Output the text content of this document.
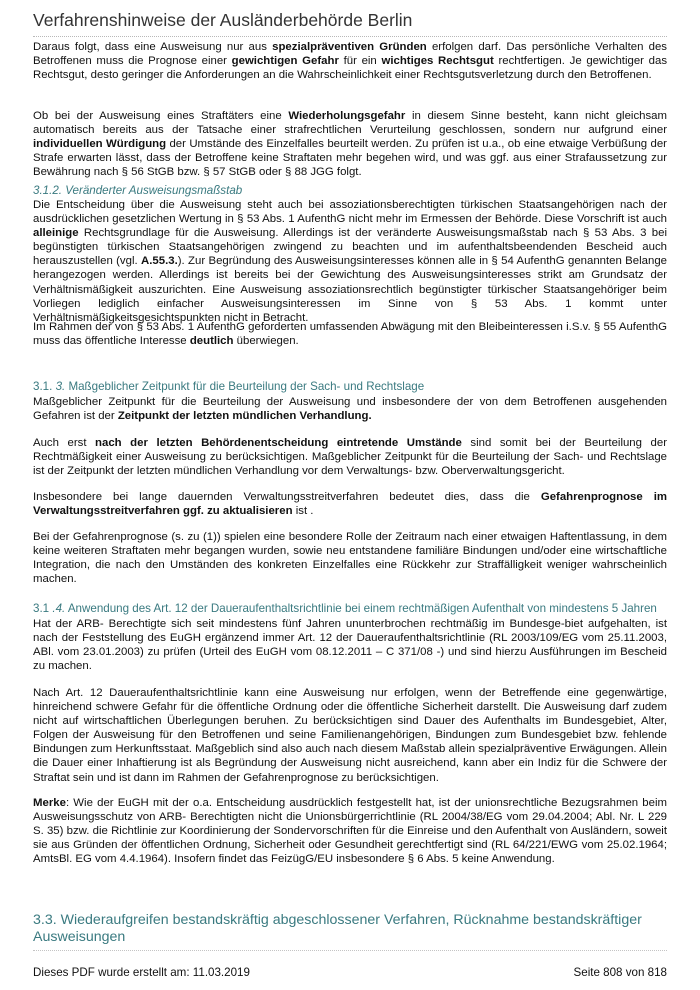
Verfahrenshinweise der Ausländerbehörde Berlin
Daraus folgt, dass eine Ausweisung nur aus spezialpräventiven Gründen erfolgen darf. Das persönliche Verhalten des Betroffenen muss die Prognose einer gewichtigen Gefahr für ein wichtiges Rechtsgut rechtfertigen. Je gewichtiger das Rechtsgut, desto geringer die Anforderungen an die Wahrscheinlichkeit einer Rechtsgutsverletzung durch den Betroffenen.
Ob bei der Ausweisung eines Straftäters eine Wiederholungsgefahr in diesem Sinne besteht, kann nicht gleichsam automatisch bereits aus der Tatsache einer strafrechtlichen Verurteilung geschlossen, sondern nur aufgrund einer individuellen Würdigung der Umstände des Einzelfalles beurteilt werden. Zu prüfen ist u.a., ob eine etwaige Verbüßung der Strafe erwarten lässt, dass der Betroffene keine Straftaten mehr begehen wird, und was ggf. aus einer Strafaussetzung zur Bewährung nach § 56 StGB bzw. § 57 StGB oder § 88 JGG folgt.
3.1.2. Veränderter Ausweisungsmaßstab
Die Entscheidung über die Ausweisung steht auch bei assoziationsberechtigten türkischen Staatsangehörigen nach der ausdrücklichen gesetzlichen Wertung in § 53 Abs. 1 AufenthG nicht mehr im Ermessen der Behörde. Diese Vorschrift ist auch alleinige Rechtsgrundlage für die Ausweisung. Allerdings ist der veränderte Ausweisungsmaßstab nach § 53 Abs. 3 bei begünstigten türkischen Staatsangehörigen zwingend zu beachten und im aufenthaltsbeendenden Bescheid auch herauszustellen (vgl. A.55.3.). Zur Begründung des Ausweisungsinteresses können alle in § 54 AufenthG genannten Belange herangezogen werden. Allerdings ist bereits bei der Gewichtung des Ausweisungsinteresses strikt am Grundsatz der Verhältnismäßigkeit auszurichten. Eine Ausweisung assoziationsrechtlich begünstigter türkischer Staatsangehöriger beim Vorliegen lediglich einfacher Ausweisungsinteressen im Sinne von § 53 Abs. 1 kommt unter Verhältnismäßigkeitsgesichtspunkten nicht in Betracht.
Im Rahmen der von § 53 Abs. 1 AufenthG geforderten umfassenden Abwägung mit den Bleibeinteressen i.S.v. § 55 AufenthG muss das öffentliche Interesse deutlich überwiegen.
3.1. 3. Maßgeblicher Zeitpunkt für die Beurteilung der Sach- und Rechtslage
Maßgeblicher Zeitpunkt für die Beurteilung der Ausweisung und insbesondere der von dem Betroffenen ausgehenden Gefahren ist der Zeitpunkt der letzten mündlichen Verhandlung.
Auch erst nach der letzten Behördenentscheidung eintretende Umstände sind somit bei der Beurteilung der Rechtmäßigkeit einer Ausweisung zu berücksichtigen. Maßgeblicher Zeitpunkt für die Beurteilung der Sach- und Rechtslage ist der Zeitpunkt der letzten mündlichen Verhandlung vor dem Verwaltungs- bzw. Oberverwaltungsgericht.
Insbesondere bei lange dauernden Verwaltungsstreitverfahren bedeutet dies, dass die Gefahrenprognose im Verwaltungsstreitverfahren ggf. zu aktualisieren ist .
Bei der Gefahrenprognose (s. zu (1)) spielen eine besondere Rolle der Zeitraum nach einer etwaigen Haftentlassung, in dem keine weiteren Straftaten mehr begangen wurden, sowie neu entstandene familiäre Bindungen und/oder eine wirtschaftliche Integration, die nach den Umständen des konkreten Einzelfalles eine Rückkehr zur Straffälligkeit weniger wahrscheinlich machen.
3.1 .4. Anwendung des Art. 12 der Daueraufenthaltsrichtlinie bei einem rechtmäßigen Aufenthalt von mindestens 5 Jahren
Hat der ARB- Berechtigte sich seit mindestens fünf Jahren ununterbrochen rechtmäßig im Bundesge-biet aufgehalten, ist nach der Feststellung des EuGH ergänzend immer Art. 12 der Daueraufenthaltsrichtlinie (RL 2003/109/EG vom 25.11.2003, ABl. vom 23.01.2003) zu prüfen (Urteil des EuGH vom 08.12.2011 – C 371/08 -) und sind hierzu Ausführungen im Bescheid zu machen.
Nach Art. 12 Daueraufenthaltsrichtlinie kann eine Ausweisung nur erfolgen, wenn der Betreffende eine gegenwärtige, hinreichend schwere Gefahr für die öffentliche Ordnung oder die öffentliche Sicherheit darstellt. Die Ausweisung darf zudem nicht auf wirtschaftlichen Überlegungen beruhen. Zu berücksichtigen sind Dauer des Aufenthalts im Bundesgebiet, Alter, Folgen der Ausweisung für den Betroffenen und seine Familienangehörigen, Bindungen zum Bundesgebiet bzw. fehlende Bindungen zum Herkunftsstaat. Maßgeblich sind also auch nach diesem Maßstab allein spezialpräventive Erwägungen. Allein die Dauer einer Inhaftierung ist als Begründung der Ausweisung nicht ausreichend, kann aber ein Indiz für die Schwere der Straftat sein und ist dann im Rahmen der Gefahrenprognose zu berücksichtigen.
Merke: Wie der EuGH mit der o.a. Entscheidung ausdrücklich festgestellt hat, ist der unionsrechtliche Bezugsrahmen beim Ausweisungsschutz von ARB- Berechtigten nicht die Unionsbürgerrichtlinie (RL 2004/38/EG vom 29.04.2004; Abl. Nr. L 229 S. 35) bzw. die Richtlinie zur Koordinierung der Sondervorschriften für die Einreise und den Aufenthalt von Ausländern, soweit sie aus Gründen der öffentlichen Ordnung, Sicherheit oder Gesundheit gerechtfertigt sind (RL 64/221/EWG vom 25.02.1964; AmtsBl. EG vom 4.4.1964). Insofern findet das FeizügG/EU insbesondere § 6 Abs. 5 keine Anwendung.
3.3. Wiederaufgreifen bestandskräftig abgeschlossener Verfahren, Rücknahme bestandskräftiger Ausweisungen
Dieses PDF wurde erstellt am: 11.03.2019	Seite 808 von 818
